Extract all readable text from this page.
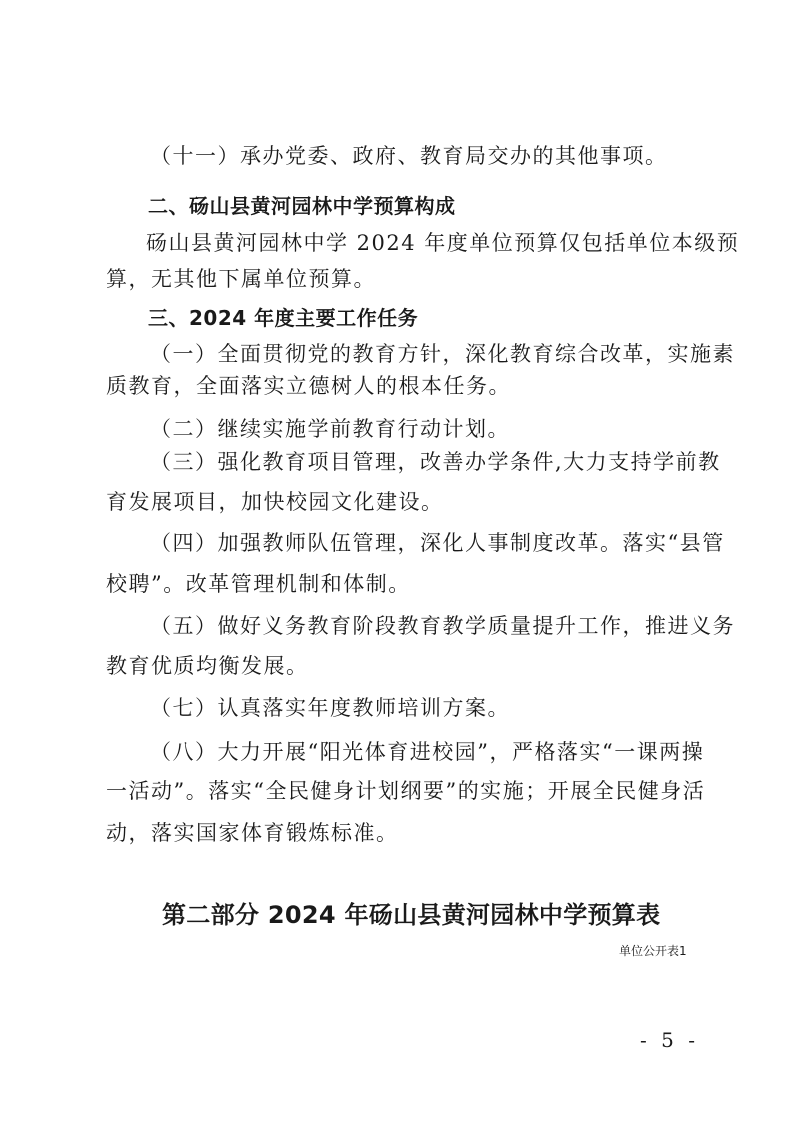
（十一）承办党委、政府、教育局交办的其他事项。
二、砀山县黄河园林中学预算构成
砀山县黄河园林中学 2024 年度单位预算仅包括单位本级预
算，无其他下属单位预算。
三、2024 年度主要工作任务
（一）全面贯彻党的教育方针，深化教育综合改革，实施素
质教育，全面落实立德树人的根本任务。
（二）继续实施学前教育行动计划。
（三）强化教育项目管理，改善办学条件,大力支持学前教
育发展项目，加快校园文化建设。
（四）加强教师队伍管理，深化人事制度改革。落实“县管
校聘”。改革管理机制和体制。
（五）做好义务教育阶段教育教学质量提升工作，推进义务
教育优质均衡发展。
（七）认真落实年度教师培训方案。
（八）大力开展“阳光体育进校园”，严格落实“一课两操
一活动”。落实“全民健身计划纲要”的实施；开展全民健身活
动，落实国家体育锻炼标准。
第二部分 2024 年砀山县黄河园林中学预算表
单位公开表1
- 5 -
